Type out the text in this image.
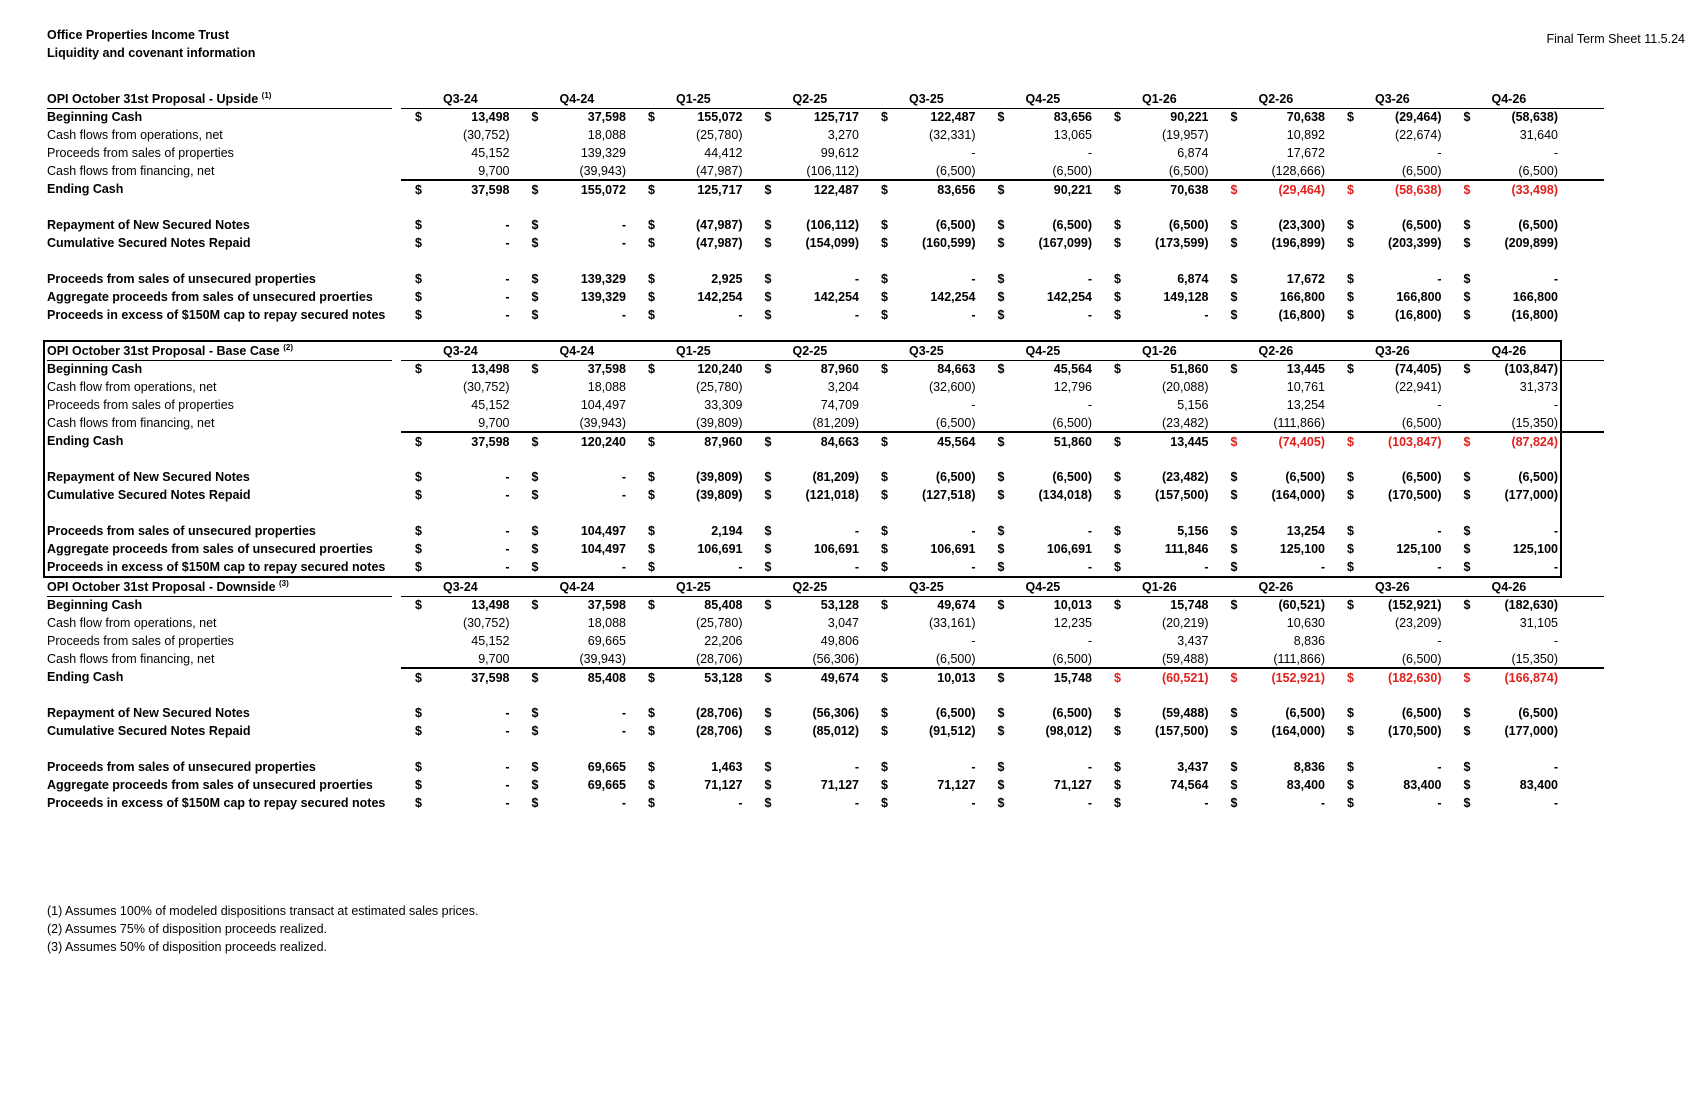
Office Properties Income Trust
Liquidity and covenant information
Final Term Sheet 11.5.24
OPI October 31st Proposal - Upside $^{(1)}$	Q3-24	Q4-24	Q1-25	Q2-25	Q3-25	Q4-25	Q1-26	Q2-26	Q3-26	Q4-26
Beginning Cash	$	13,498 $	37,598 $	155,072 $	125,717 $	122,487 $	83,656 $	90,221 $	70,638 $	(29,464) $	(58,638)
Cash flows from operations, net	(30,752)	18,088	(25,780)	3,270	(32,331)	13,065	(19,957)	10,892	(22,674)	31,640
Proceeds from sales of properties	45,152	139,329	44,412	99,612	-	-	6,874	17,672	-	-
Cash flows from financing, net	9,700	(39,943)	(47,987)	(106,112)	(6,500)	(6,500)	(6,500)	(128,666)	(6,500)	(6,500)
Ending Cash	$	37,598 $	155,072 $	125,717 $	122,487 $	83,656 $	90,221 $	70,638 $	(29,464) $	(58,638) $	(33,498)
Repayment of New Secured Notes	$	- $	- $	(47,987) $	(106,112) $	(6,500) $	(6,500) $	(6,500) $	(23,300) $	(6,500) $	(6,500)
Cumulative Secured Notes Repaid	$	- $	- $	(47,987) $	(154,099) $	(160,599) $	(167,099) $	(173,599) $	(196,899) $	(203,399) $	(209,899)
Proceeds from sales of unsecured properties	$	- $	139,329 $	2,925 $	- $	- $	- $	6,874 $	17,672 $	- $	-
Aggregate proceeds from sales of unsecured proerties	$	- $	139,329 $	142,254 $	142,254 $	142,254 $	142,254 $	149,128 $	166,800 $	166,800 $	166,800
Proceeds in excess of $150M cap to repay secured notes	$	- $	- $	- $	- $	- $	- $	- $	(16,800) $	(16,800) $	(16,800)
OPI October 31st Proposal - Base Case $^{(2)}$	Q3-24	Q4-24	Q1-25	Q2-25	Q3-25	Q4-25	Q1-26	Q2-26	Q3-26	Q4-26
Beginning Cash	$	13,498 $	37,598 $	120,240 $	87,960 $	84,663 $	45,564 $	51,860 $	13,445 $	(74,405) $	(103,847)
Cash flow from operations, net	(30,752)	18,088	(25,780)	3,204	(32,600)	12,796	(20,088)	10,761	(22,941)	31,373
Proceeds from sales of properties	45,152	104,497	33,309	74,709	-	-	5,156	13,254	-	-
Cash flows from financing, net	9,700	(39,943)	(39,809)	(81,209)	(6,500)	(6,500)	(23,482)	(111,866)	(6,500)	(15,350)
Ending Cash	$	37,598 $	120,240 $	87,960 $	84,663 $	45,564 $	51,860 $	13,445 $	(74,405) $	(103,847) $	(87,824)
Repayment of New Secured Notes	$	- $	- $	(39,809) $	(81,209) $	(6,500) $	(6,500) $	(23,482) $	(6,500) $	(6,500) $	(6,500)
Cumulative Secured Notes Repaid	$	- $	- $	(39,809) $	(121,018) $	(127,518) $	(134,018) $	(157,500) $	(164,000) $	(170,500) $	(177,000)
Proceeds from sales of unsecured properties	$	- $	104,497 $	2,194 $	- $	- $	- $	5,156 $	13,254 $	- $	-
Aggregate proceeds from sales of unsecured proerties	$	- $	104,497 $	106,691 $	106,691 $	106,691 $	106,691 $	111,846 $	125,100 $	125,100 $	125,100
Proceeds in excess of $150M cap to repay secured notes	$	- $	- $	- $	- $	- $	- $	- $	- $	- $	-
OPI October 31st Proposal - Downside $^{(3)}$	Q3-24	Q4-24	Q1-25	Q2-25	Q3-25	Q4-25	Q1-26	Q2-26	Q3-26	Q4-26
Beginning Cash	$	13,498 $	37,598 $	85,408 $	53,128 $	49,674 $	10,013 $	15,748 $	(60,521) $	(152,921) $	(182,630)
Cash flow from operations, net	(30,752)	18,088	(25,780)	3,047	(33,161)	12,235	(20,219)	10,630	(23,209)	31,105
Proceeds from sales of properties	45,152	69,665	22,206	49,806	-	-	3,437	8,836	-	-
Cash flows from financing, net	9,700	(39,943)	(28,706)	(56,306)	(6,500)	(6,500)	(59,488)	(111,866)	(6,500)	(15,350)
Ending Cash	$	37,598 $	85,408 $	53,128 $	49,674 $	10,013 $	15,748 $	(60,521) $	(152,921) $	(182,630) $	(166,874)
Repayment of New Secured Notes	$	- $	- $	(28,706) $	(56,306) $	(6,500) $	(6,500) $	(59,488) $	(6,500) $	(6,500) $	(6,500)
Cumulative Secured Notes Repaid	$	- $	- $	(28,706) $	(85,012) $	(91,512) $	(98,012) $	(157,500) $	(164,000) $	(170,500) $	(177,000)
Proceeds from sales of unsecured properties	$	- $	69,665 $	1,463 $	- $	- $	- $	3,437 $	8,836 $	- $	-
Aggregate proceeds from sales of unsecured proerties	$	- $	69,665 $	71,127 $	71,127 $	71,127 $	71,127 $	74,564 $	83,400 $	83,400 $	83,400
Proceeds in excess of $150M cap to repay secured notes	$	- $	- $	- $	- $	- $	- $	- $	- $	- $	-
(1) Assumes 100% of modeled dispositions transact at estimated sales prices.
(2) Assumes 75% of disposition proceeds realized.
(3) Assumes 50% of disposition proceeds realized.
